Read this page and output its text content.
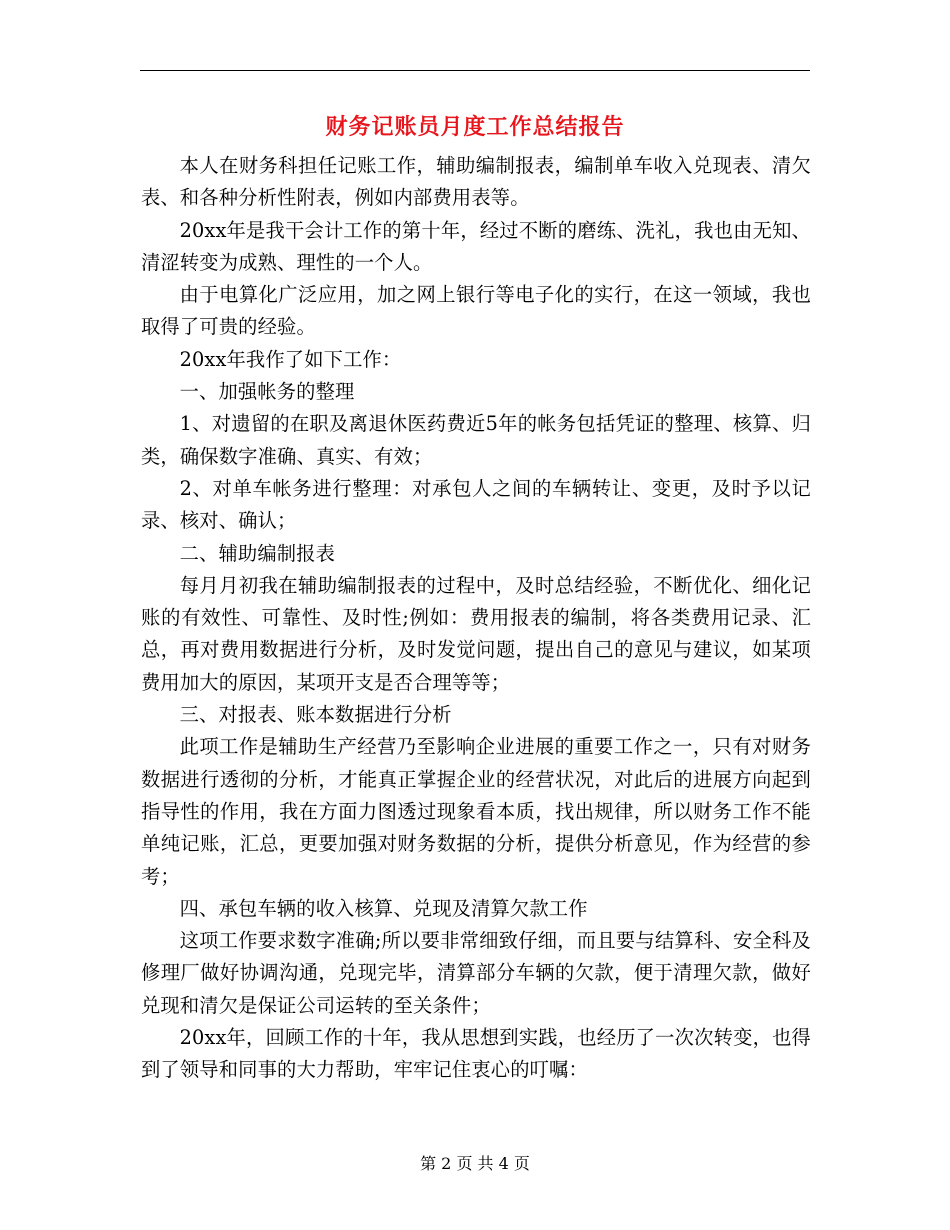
财务记账员月度工作总结报告

本人在财务科担任记账工作，辅助编制报表，编制单车收入兑现表、清欠表、和各种分析性附表，例如内部费用表等。

20xx年是我干会计工作的第十年，经过不断的磨练、洗礼，我也由无知、清涩转变为成熟、理性的一个人。

由于电算化广泛应用，加之网上银行等电子化的实行，在这一领域，我也取得了可贵的经验。

20xx年我作了如下工作：

一、加强帐务的整理

1、对遗留的在职及离退休医药费近5年的帐务包括凭证的整理、核算、归类，确保数字准确、真实、有效；

2、对单车帐务进行整理：对承包人之间的车辆转让、变更，及时予以记录、核对、确认；

二、辅助编制报表

每月月初我在辅助编制报表的过程中，及时总结经验，不断优化、细化记账的有效性、可靠性、及时性;例如：费用报表的编制，将各类费用记录、汇总，再对费用数据进行分析，及时发觉问题，提出自己的意见与建议，如某项费用加大的原因，某项开支是否合理等等；

三、对报表、账本数据进行分析

此项工作是辅助生产经营乃至影响企业进展的重要工作之一，只有对财务数据进行透彻的分析，才能真正掌握企业的经营状况，对此后的进展方向起到指导性的作用，我在方面力图透过现象看本质，找出规律，所以财务工作不能单纯记账，汇总，更要加强对财务数据的分析，提供分析意见，作为经营的参考；

四、承包车辆的收入核算、兑现及清算欠款工作

这项工作要求数字准确;所以要非常细致仔细，而且要与结算科、安全科及修理厂做好协调沟通，兑现完毕，清算部分车辆的欠款，便于清理欠款，做好兑现和清欠是保证公司运转的至关条件；

20xx年，回顾工作的十年，我从思想到实践，也经历了一次次转变，也得到了领导和同事的大力帮助，牢牢记住衷心的叮嘱：

第 2 页 共 4 页
